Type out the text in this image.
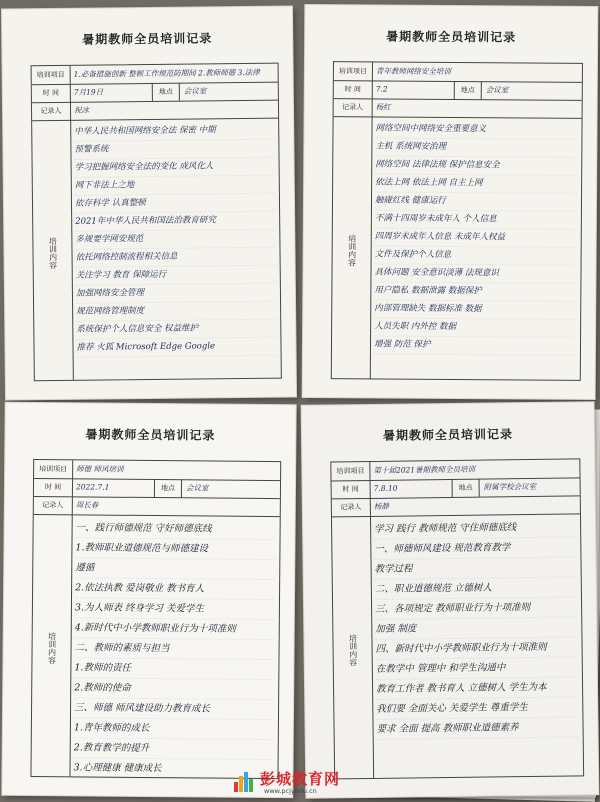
暑期教师全员培训记录
培训项目	1.必备措施创新 整顿工作规范防期间 2.教师师德 3.法律
时 间	7月19日	地点	会议室
记录人	祝冰
培训内容
中华人民共和国网络安全法 保密 中期
预警系统
学习把握网络安全法的变化 成风化人
网下非法上之地
依存科学 认真整顿
2021年中华人民共和国法治教育研究
多规要学网安规范
依托网络控制流程相关信息
关注学习 教育 保障运行
加强网络安全管理
规范网络管理制度
系统保护个人信息安全 权益维护
推荐 火狐 Microsoft Edge Google
暑期教师全员培训记录
培训项目	青年教师网络安全培训
时 间	7.2	地点	会议室
记录人	杨红
培训内容
网络空间中网络安全重要意义
主机 系统网安治理
网络空间 法律法规 保护信息安全
依法上网 依法上网 自主上网
触碰红线 健康运行
不满十四周岁未成年人 个人信息
四周岁未成年人信息 未成年人权益
文件及保护个人信息
具体问题 安全意识淡薄 法规意识
用户隐私 数据泄露 数据保护
内部管理缺失 数据标准 数据
人员失职 内外控 数据
增强 防范 保护
暑期教师全员培训记录
培训项目	师德 师风培训
时 间	2022.7.1	地点	会议室
记录人	周长春
培训内容
一、践行师德规范 守好师德底线
1.教师职业道德规范与师德建设
遵循
2.依法执教 爱岗敬业 教书育人
3.为人师表 终身学习 关爱学生
4.新时代中小学教师职业行为十项准则
二、教师的素质与担当
1.教师的责任
2.教师的使命
三、师德 师风建设助力教育成长
1.青年教师的成长
2.教育教学的提升
3.心理健康 健康成长
暑期教师全员培训记录
培训项目	第十届2021暑期教师全员培训
时 间	7.8.10	地点	附属学校会议室
记录人	杨静
培训内容
学习 践行 教师规范 守住师德底线
一、师德师风建设 规范教育教学
教学过程
二、职业道德规范 立德树人
三、各项规定 教师职业行为十项准则
加强 制度
四、新时代中小学教师职业行为十项准则
在教学中 管理中 和学生沟通中
教育工作者 教书育人 立德树人 学生为本
我们要 全面关心 关爱学生 尊重学生
要求 全面 提高 教师职业道德素养
彭城教育网
www.pcjyedu.cn
